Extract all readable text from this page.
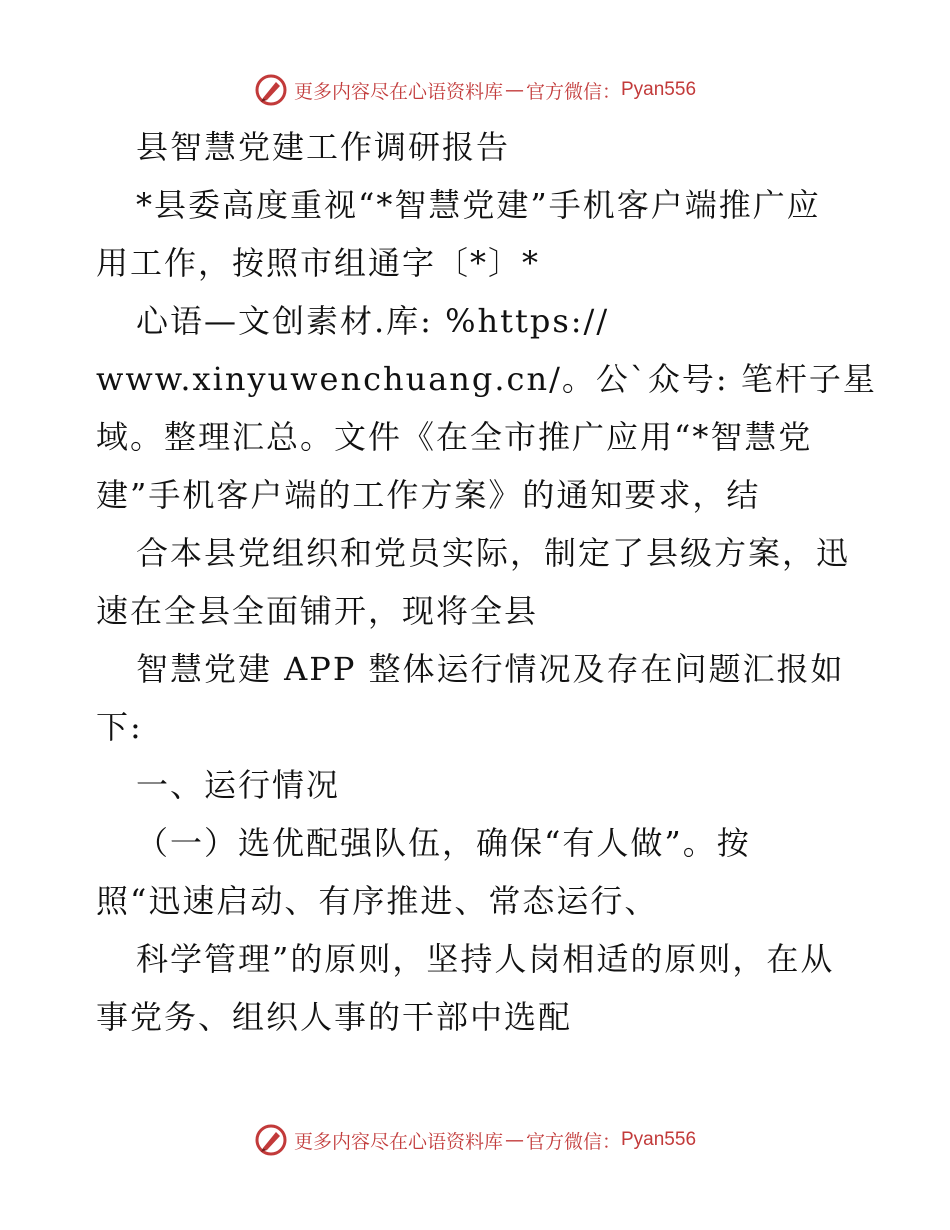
更多内容尽在心语资料库 — 官方微信： Pyan556
县智慧党建工作调研报告
*县委高度重视“*智慧党建”手机客户端推广应
用工作，按照市组通字〔*〕*
心语—文创素材.库: %https://
www.xinyuwenchuang.cn/。公`众号: 笔杆子星
域。整理汇总。文件《在全市推广应用“*智慧党
建”手机客户端的工作方案》的通知要求，结
合本县党组织和党员实际，制定了县级方案，迅
速在全县全面铺开，现将全县
智慧党建 APP 整体运行情况及存在问题汇报如
下:
一、运行情况
（一）选优配强队伍，确保“有人做”。按
照“迅速启动、有序推进、常态运行、
科学管理”的原则，坚持人岗相适的原则，在从
事党务、组织人事的干部中选配
更多内容尽在心语资料库 — 官方微信： Pyan556
